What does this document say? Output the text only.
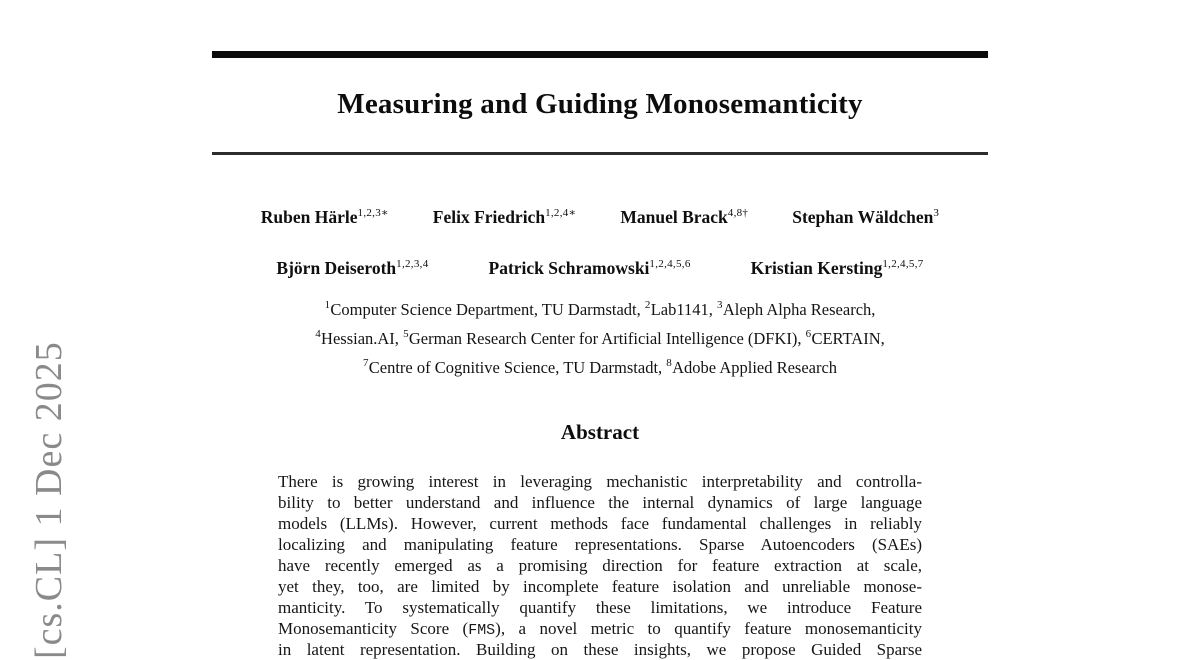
[cs.CL] 1 Dec 2025
Measuring and Guiding Monosemanticity
Ruben Härle$^{1,2,3∗}$	Felix Friedrich$^{1,2,4∗}$	Manuel Brack$^{4,8\dagger}$	Stephan Wäldchen$^3$
Björn Deiseroth$^{1,2,3,4}$	Patrick Schramowski$^{1,2,4,5,6}$	Kristian Kersting$^{1,2,4,5,7}$
$^1$Computer Science Department, TU Darmstadt, $^2$Lab1141, $^3$Aleph Alpha Research,
$^4$Hessian.AI, $^5$German Research Center for Artificial Intelligence (DFKI), $^6$CERTAIN,
$^7$Centre of Cognitive Science, TU Darmstadt, $^8$Adobe Applied Research
Abstract
There is growing interest in leveraging mechanistic interpretability and controlla-
bility to better understand and influence the internal dynamics of large language
models (LLMs). However, current methods face fundamental challenges in reliably
localizing and manipulating feature representations. Sparse Autoencoders (SAEs)
have recently emerged as a promising direction for feature extraction at scale,
yet they, too, are limited by incomplete feature isolation and unreliable monose-
manticity. To systematically quantify these limitations, we introduce Feature
Monosemanticity Score (FMS), a novel metric to quantify feature monosemanticity
in latent representation. Building on these insights, we propose Guided Sparse
